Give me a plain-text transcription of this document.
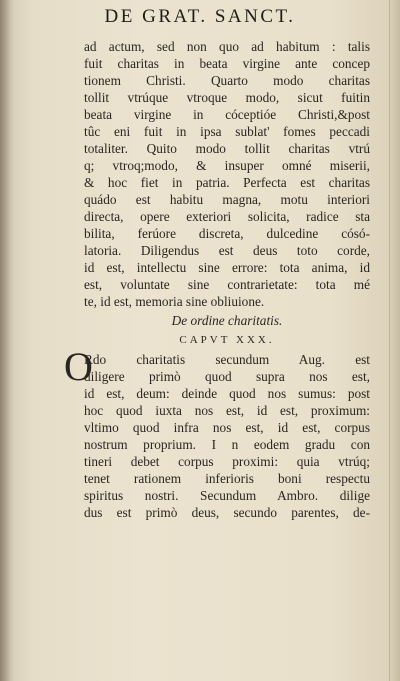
DE GRAT. SANCT.
ad actum, sed non quo ad habitum : talis
fuit charitas in beata virgine ante concep
tionem Christi. Quarto modo charitas
tollit vtrúque vtroque modo, sicut fuitin
beata virgine in cóceptióe Christi,&post
tûc eni fuit in ipsa sublat' fomes peccadi
totaliter. Quito modo tollit charitas vtrú
q; vtroq;modo, & insuper omné miserii,
& hoc fiet in patria. Perfecta est charitas
quádo est habitu magna, motu interiori
directa, opere exteriori solicita, radice sta
bilita, ferúore discreta, dulcedine cósó-
latoria. Diligendus est deus toto corde,
id est, intellectu sine errore: tota anima, id
est, voluntate sine contrarietate: tota mé
te, id est, memoria sine obliuione.
De ordine charitatis.
CAPVT XXX.
O
Rdo charitatis secundum Aug. est
diligere primò quod supra nos est,
id est, deum: deinde quod nos sumus: post
hoc quod iuxta nos est, id est, proximum:
vltimo quod infra nos est, id est, corpus
nostrum proprium. I n eodem gradu con
tineri debet corpus proximi: quia vtrúq;
tenet rationem inferioris boni respectu
spiritus nostri. Secundum Ambro. dilige
dus est primò deus, secundo parentes, de-
